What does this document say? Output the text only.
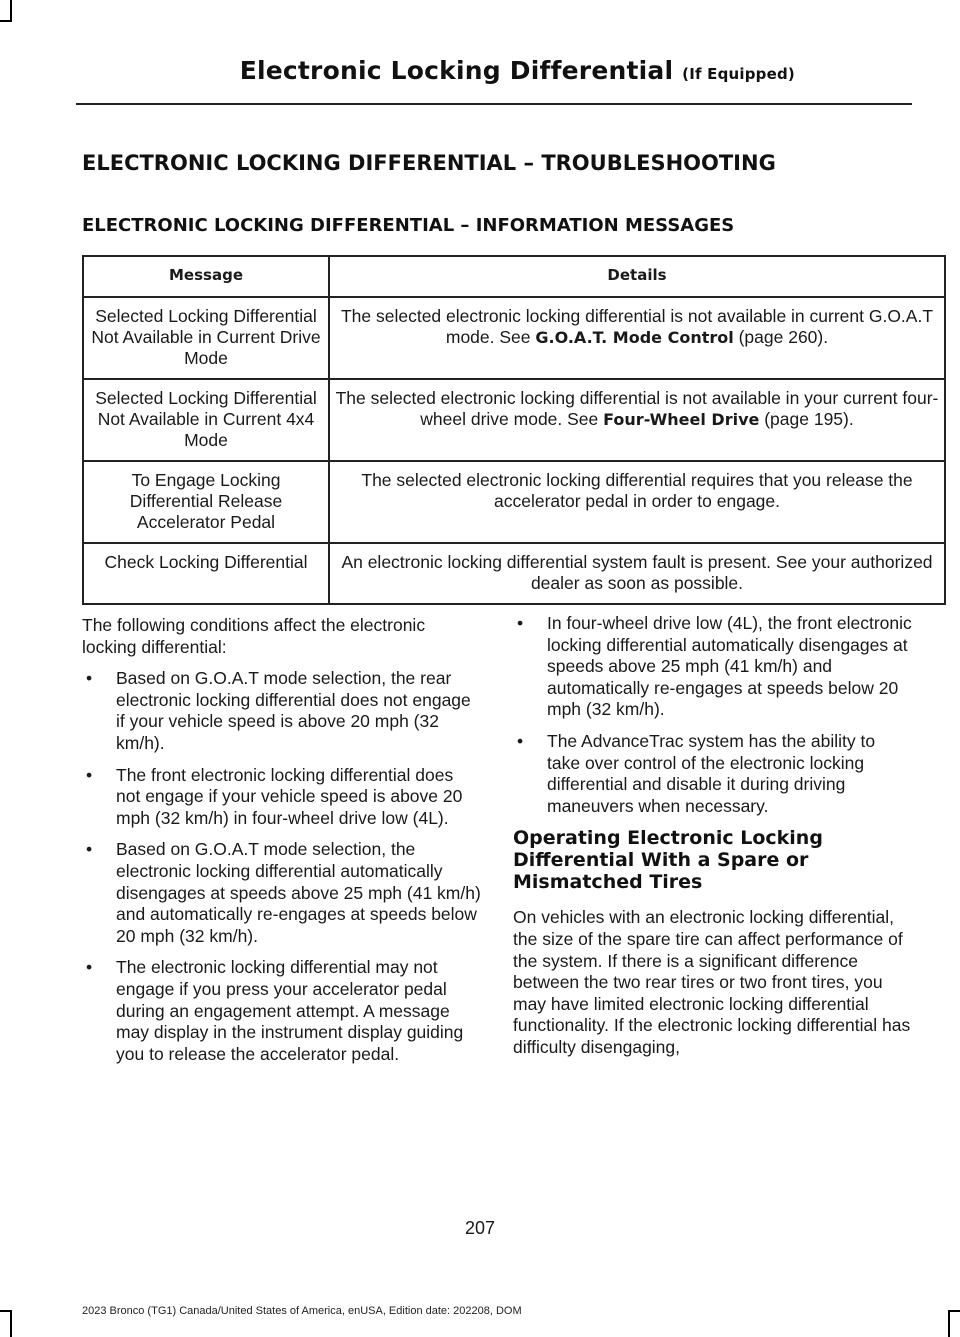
Electronic Locking Differential (If Equipped)
ELECTRONIC LOCKING DIFFERENTIAL – TROUBLESHOOTING
ELECTRONIC LOCKING DIFFERENTIAL – INFORMATION MESSAGES
Message	Details
Selected Locking Differential Not Available in Current Drive Mode	The selected electronic locking differential is not available in current G.O.A.T mode. See G.O.A.T. Mode Control (page 260).
Selected Locking Differential Not Available in Current 4x4 Mode	The selected electronic locking differential is not available in your current four-wheel drive mode. See Four-Wheel Drive (page 195).
To Engage Locking Differential Release Accelerator Pedal	The selected electronic locking differential requires that you release the accelerator pedal in order to engage.
Check Locking Differential	An electronic locking differential system fault is present. See your authorized dealer as soon as possible.

The following conditions affect the electronic locking differential:

• Based on G.O.A.T mode selection, the rear electronic locking differential does not engage if your vehicle speed is above 20 mph (32 km/h).
• The front electronic locking differential does not engage if your vehicle speed is above 20 mph (32 km/h) in four-wheel drive low (4L).
• Based on G.O.A.T mode selection, the electronic locking differential automatically disengages at speeds above 25 mph (41 km/h) and automatically re-engages at speeds below 20 mph (32 km/h).
• The electronic locking differential may not engage if you press your accelerator pedal during an engagement attempt. A message may display in the instrument display guiding you to release the accelerator pedal.
• In four-wheel drive low (4L), the front electronic locking differential automatically disengages at speeds above 25 mph (41 km/h) and automatically re-engages at speeds below 20 mph (32 km/h).
• The AdvanceTrac system has the ability to take over control of the electronic locking differential and disable it during driving maneuvers when necessary.
Operating Electronic Locking Differential With a Spare or Mismatched Tires

On vehicles with an electronic locking differential, the size of the spare tire can affect performance of the system. If there is a significant difference between the two rear tires or two front tires, you may have limited electronic locking differential functionality. If the electronic locking differential has difficulty disengaging,

207
2023 Bronco (TG1) Canada/United States of America, enUSA, Edition date: 202208, DOM
